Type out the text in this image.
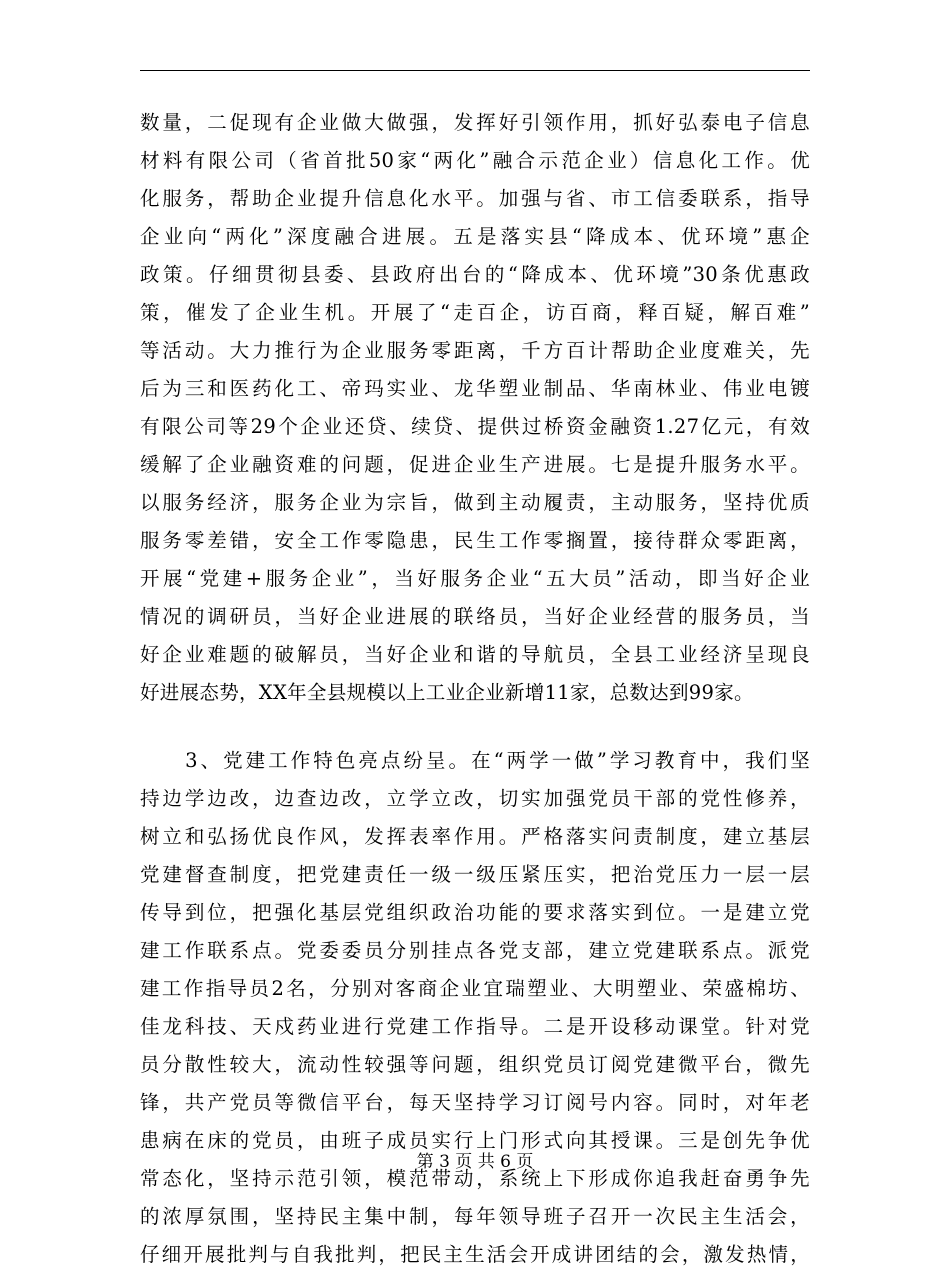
数量，二促现有企业做大做强，发挥好引领作用，抓好弘泰电子信息
材料有限公司（省首批50家“两化”融合示范企业）信息化工作。优
化服务，帮助企业提升信息化水平。加强与省、市工信委联系，指导
企业向“两化”深度融合进展。五是落实县“降成本、优环境”惠企
政策。仔细贯彻县委、县政府出台的“降成本、优环境”30条优惠政
策，催发了企业生机。开展了“走百企，访百商，释百疑，解百难”
等活动。大力推行为企业服务零距离，千方百计帮助企业度难关，先
后为三和医药化工、帝玛实业、龙华塑业制品、华南林业、伟业电镀
有限公司等29个企业还贷、续贷、提供过桥资金融资1.27亿元，有效
缓解了企业融资难的问题，促进企业生产进展。七是提升服务水平。
以服务经济，服务企业为宗旨，做到主动履责，主动服务，坚持优质
服务零差错，安全工作零隐患，民生工作零搁置，接待群众零距离，
开展“党建+服务企业”，当好服务企业“五大员”活动，即当好企业
情况的调研员，当好企业进展的联络员，当好企业经营的服务员，当
好企业难题的破解员，当好企业和谐的导航员，全县工业经济呈现良
好进展态势，XX年全县规模以上工业企业新增11家，总数达到99家。
　　3、党建工作特色亮点纷呈。在“两学一做”学习教育中，我们坚
持边学边改，边查边改，立学立改，切实加强党员干部的党性修养，
树立和弘扬优良作风，发挥表率作用。严格落实问责制度，建立基层
党建督查制度，把党建责任一级一级压紧压实，把治党压力一层一层
传导到位，把强化基层党组织政治功能的要求落实到位。一是建立党
建工作联系点。党委委员分别挂点各党支部，建立党建联系点。派党
建工作指导员2名，分别对客商企业宜瑞塑业、大明塑业、荣盛棉坊、
佳龙科技、天戍药业进行党建工作指导。二是开设移动课堂。针对党
员分散性较大，流动性较强等问题，组织党员订阅党建微平台，微先
锋，共产党员等微信平台，每天坚持学习订阅号内容。同时，对年老
患病在床的党员，由班子成员实行上门形式向其授课。三是创先争优
常态化，坚持示范引领，模范带动，系统上下形成你追我赶奋勇争先
的浓厚氛围，坚持民主集中制，每年领导班子召开一次民主生活会，
仔细开展批判与自我批判，把民主生活会开成讲团结的会，激发热情，
第 3 页 共 6 页
